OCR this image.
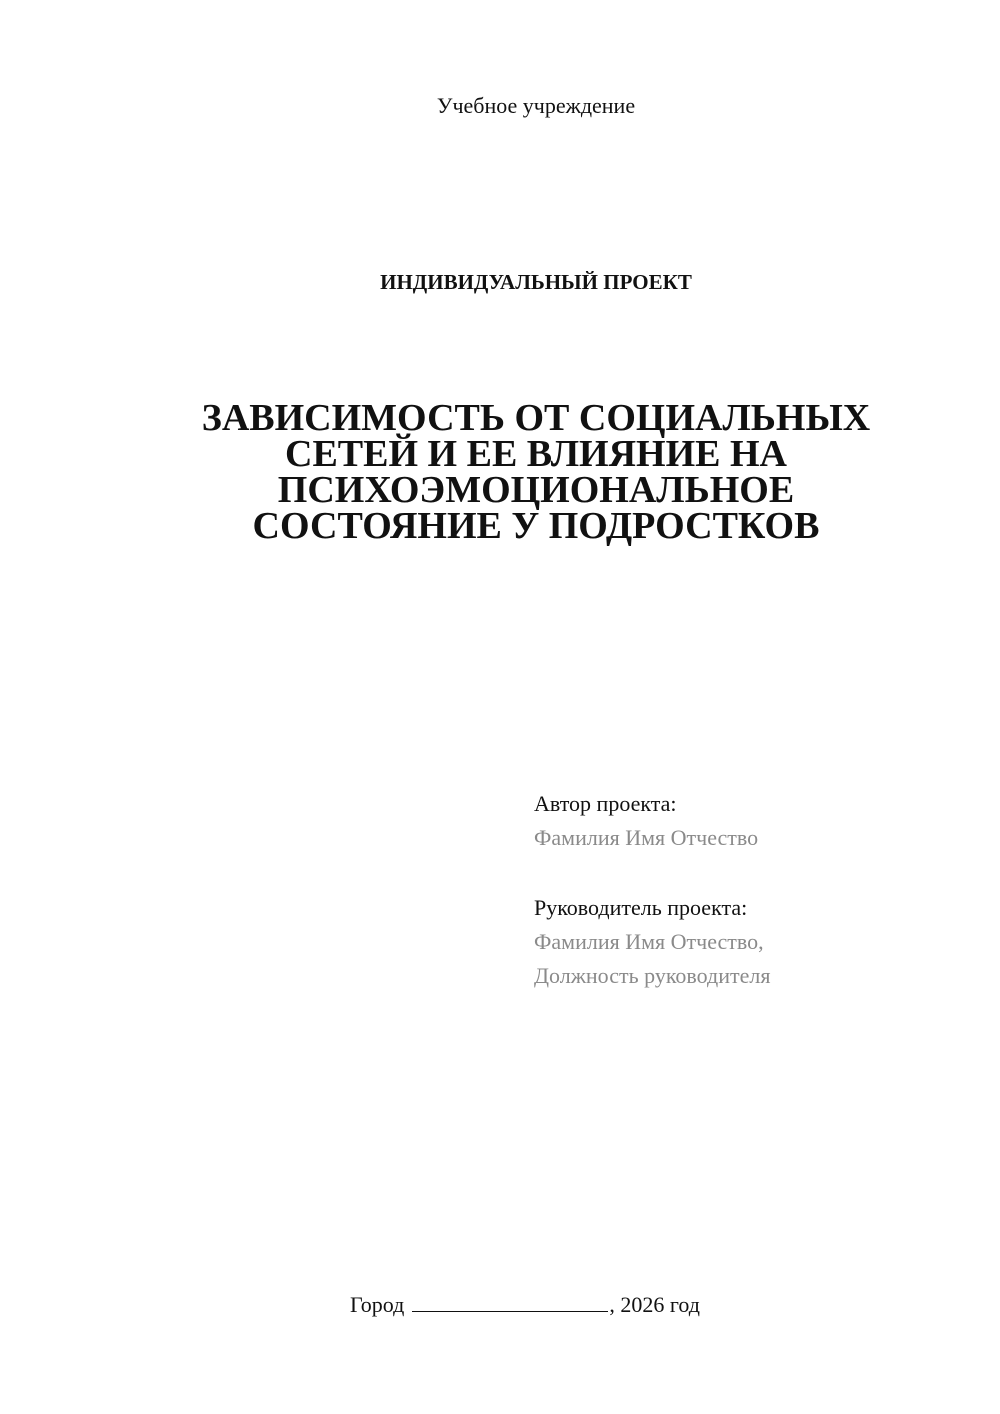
Учебное учреждение
ИНДИВИДУАЛЬНЫЙ ПРОЕКТ
ЗАВИСИМОСТЬ ОТ СОЦИАЛЬНЫХ
СЕТЕЙ И ЕЕ ВЛИЯНИЕ НА
ПСИХОЭМОЦИОНАЛЬНОЕ
СОСТОЯНИЕ У ПОДРОСТКОВ
Автор проекта:
Фамилия Имя Отчество
Руководитель проекта:
Фамилия Имя Отчество,
Должность руководителя
Город	, 2026 год
